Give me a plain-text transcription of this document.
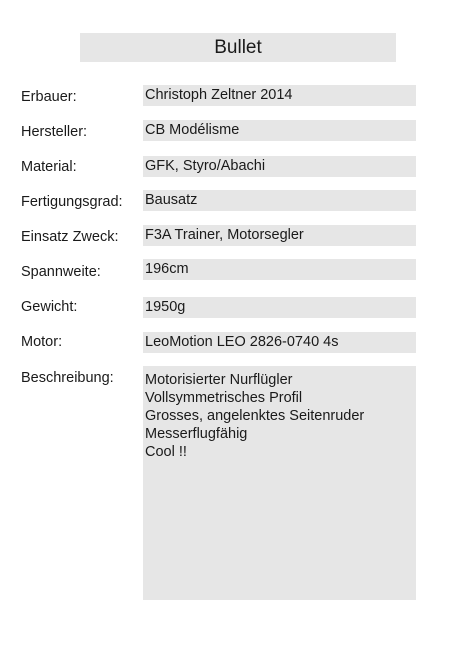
Bullet
Erbauer:	Christoph Zeltner 2014
Hersteller:	CB Modélisme
Material:	GFK, Styro/Abachi
Fertigungsgrad: Bausatz
Einsatz Zweck: F3A Trainer, Motorsegler
Spannweite:	196cm
Gewicht:	1950g
Motor:	LeoMotion LEO 2826-0740 4s
Beschreibung: Motorisierter Nurflügler
Vollsymmetrisches Profil
Grosses, angelenktes Seitenruder
Messerflugfähig
Cool !!
